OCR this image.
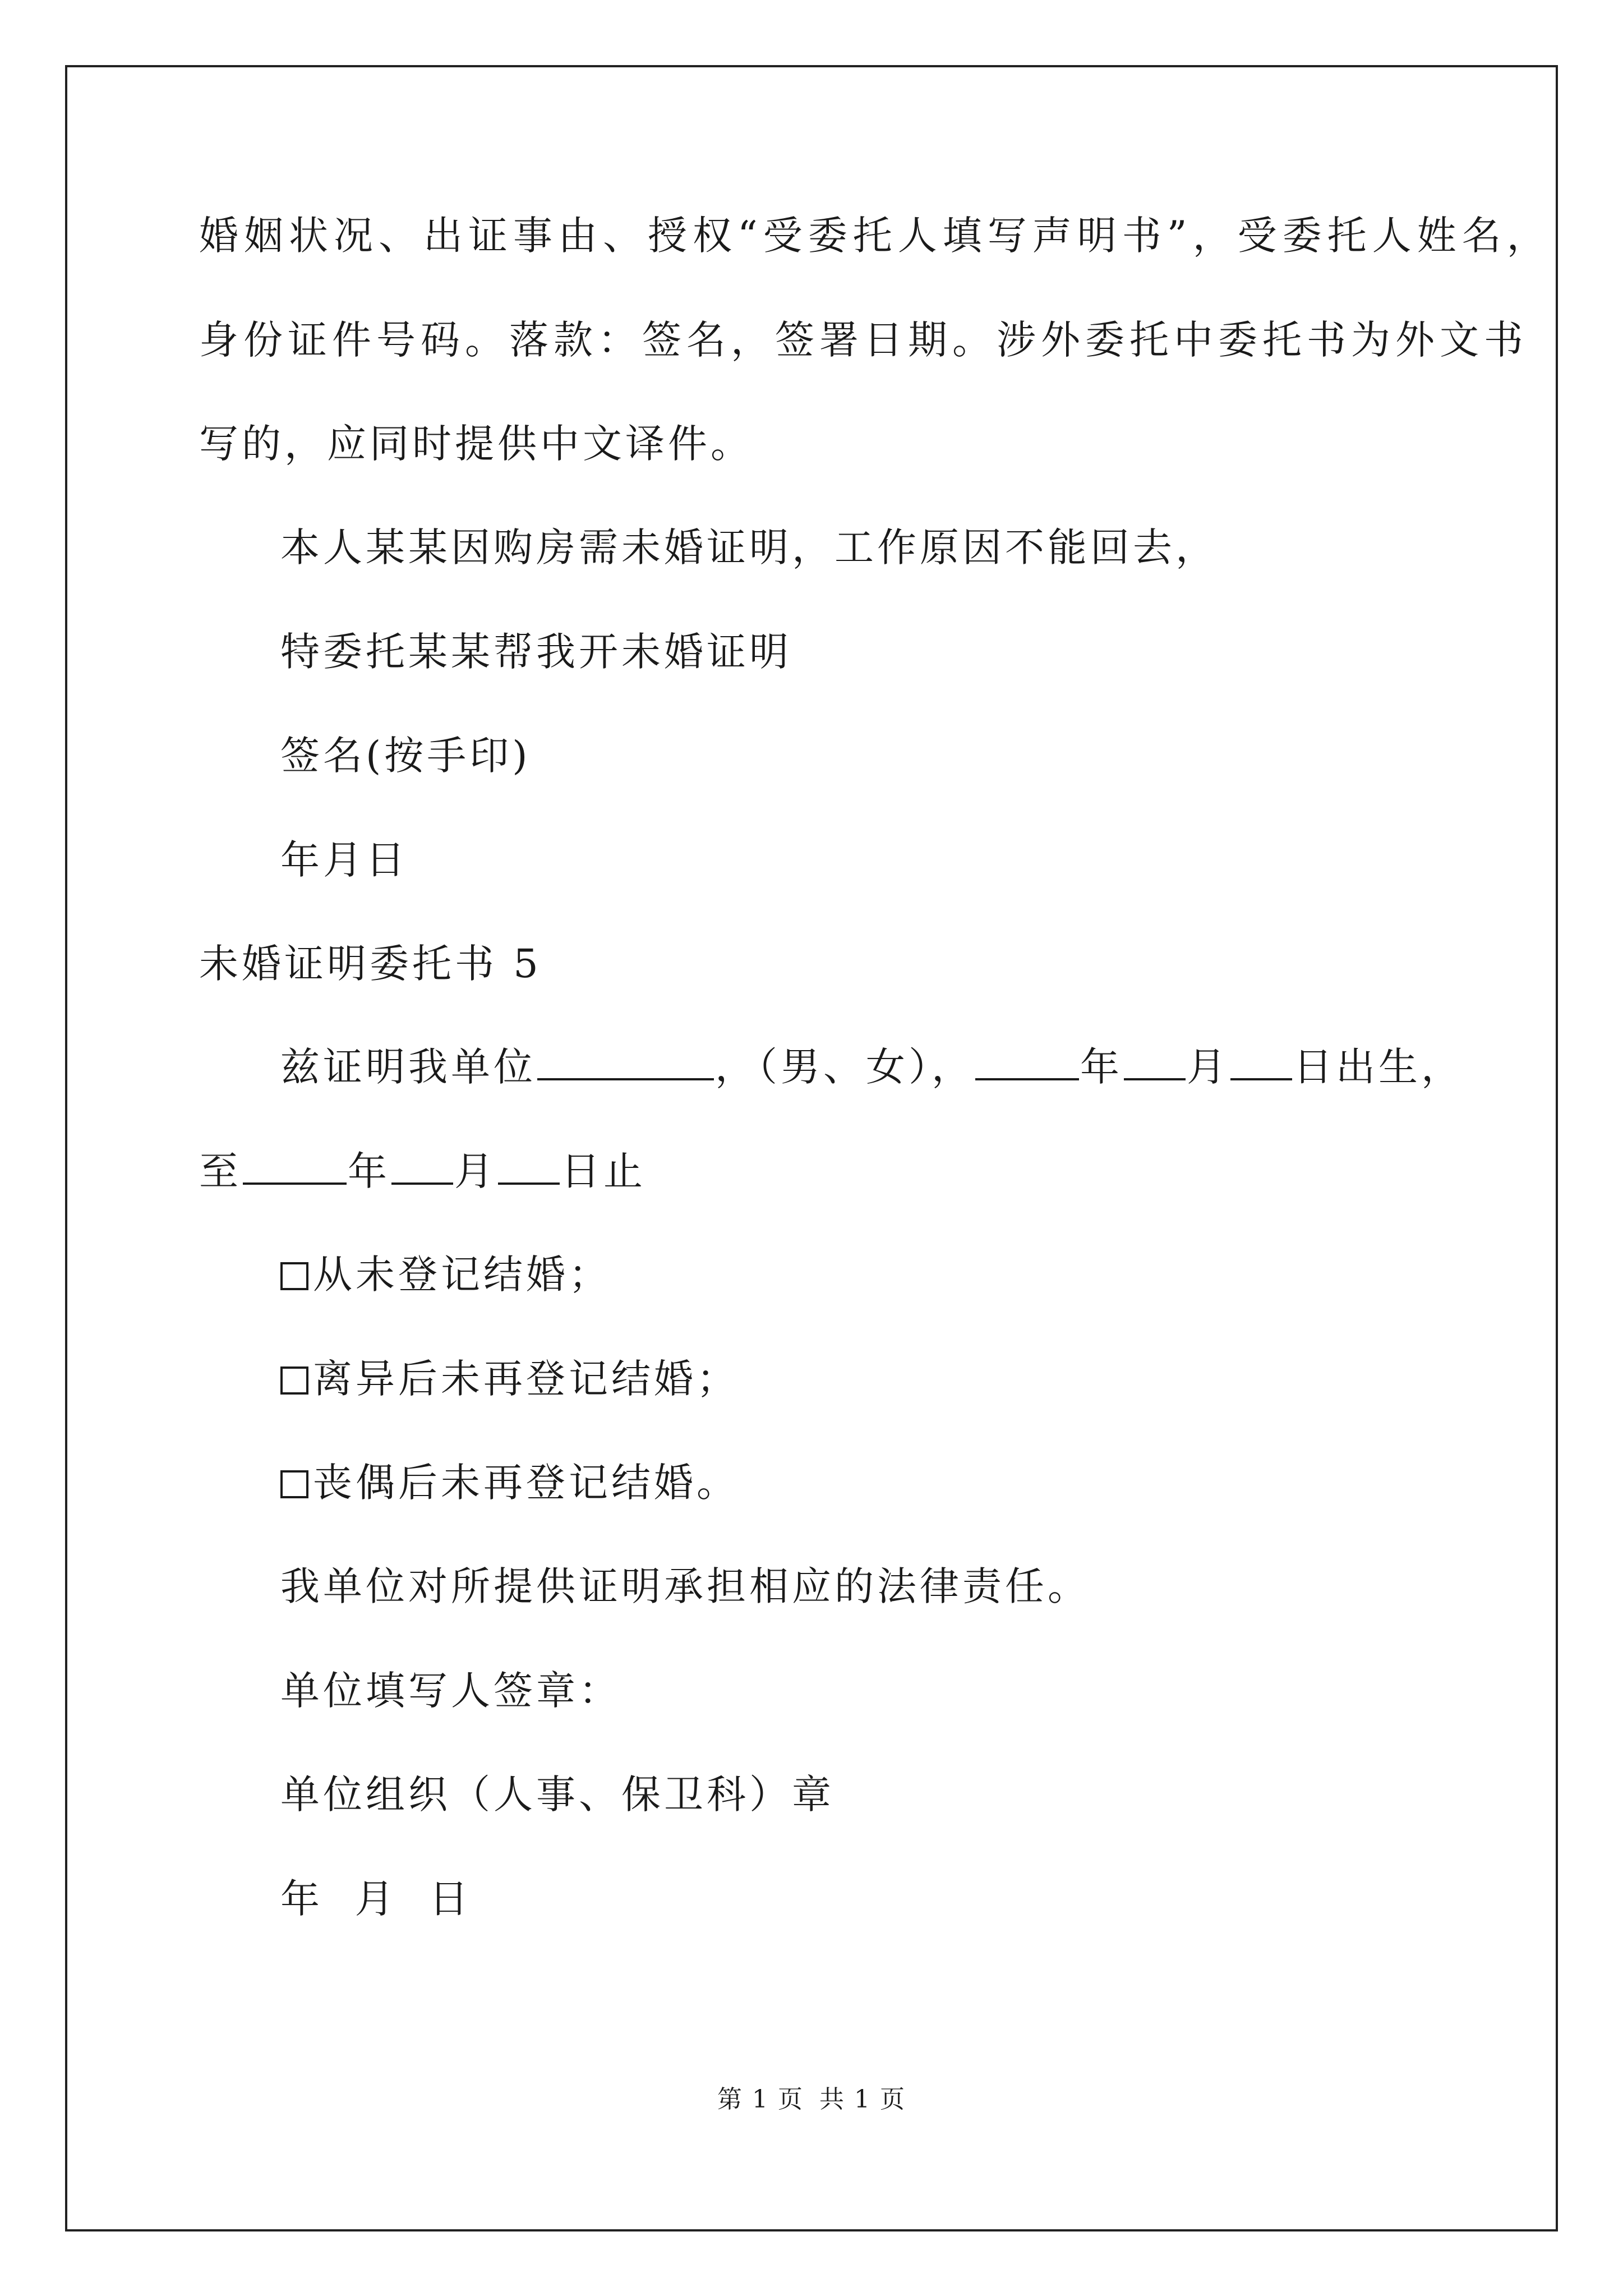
婚姻状况、出证事由、授权“受委托人填写声明书”，受委托人姓名，
身份证件号码。落款：签名，签署日期。涉外委托中委托书为外文书
写的，应同时提供中文译件。
本人某某因购房需未婚证明，工作原因不能回去，
特委托某某帮我开未婚证明
签名(按手印)
年月日
未婚证明委托书 5
兹证明我单位	，（男、女），	年 月 日出生，
至	年 月 日止
从未登记结婚；
离异后未再登记结婚；
丧偶后未再登记结婚。
我单位对所提供证明承担相应的法律责任。
单位填写人签章：
单位组织（人事、保卫科）章
年  月  日
第 1 页 共 1 页
